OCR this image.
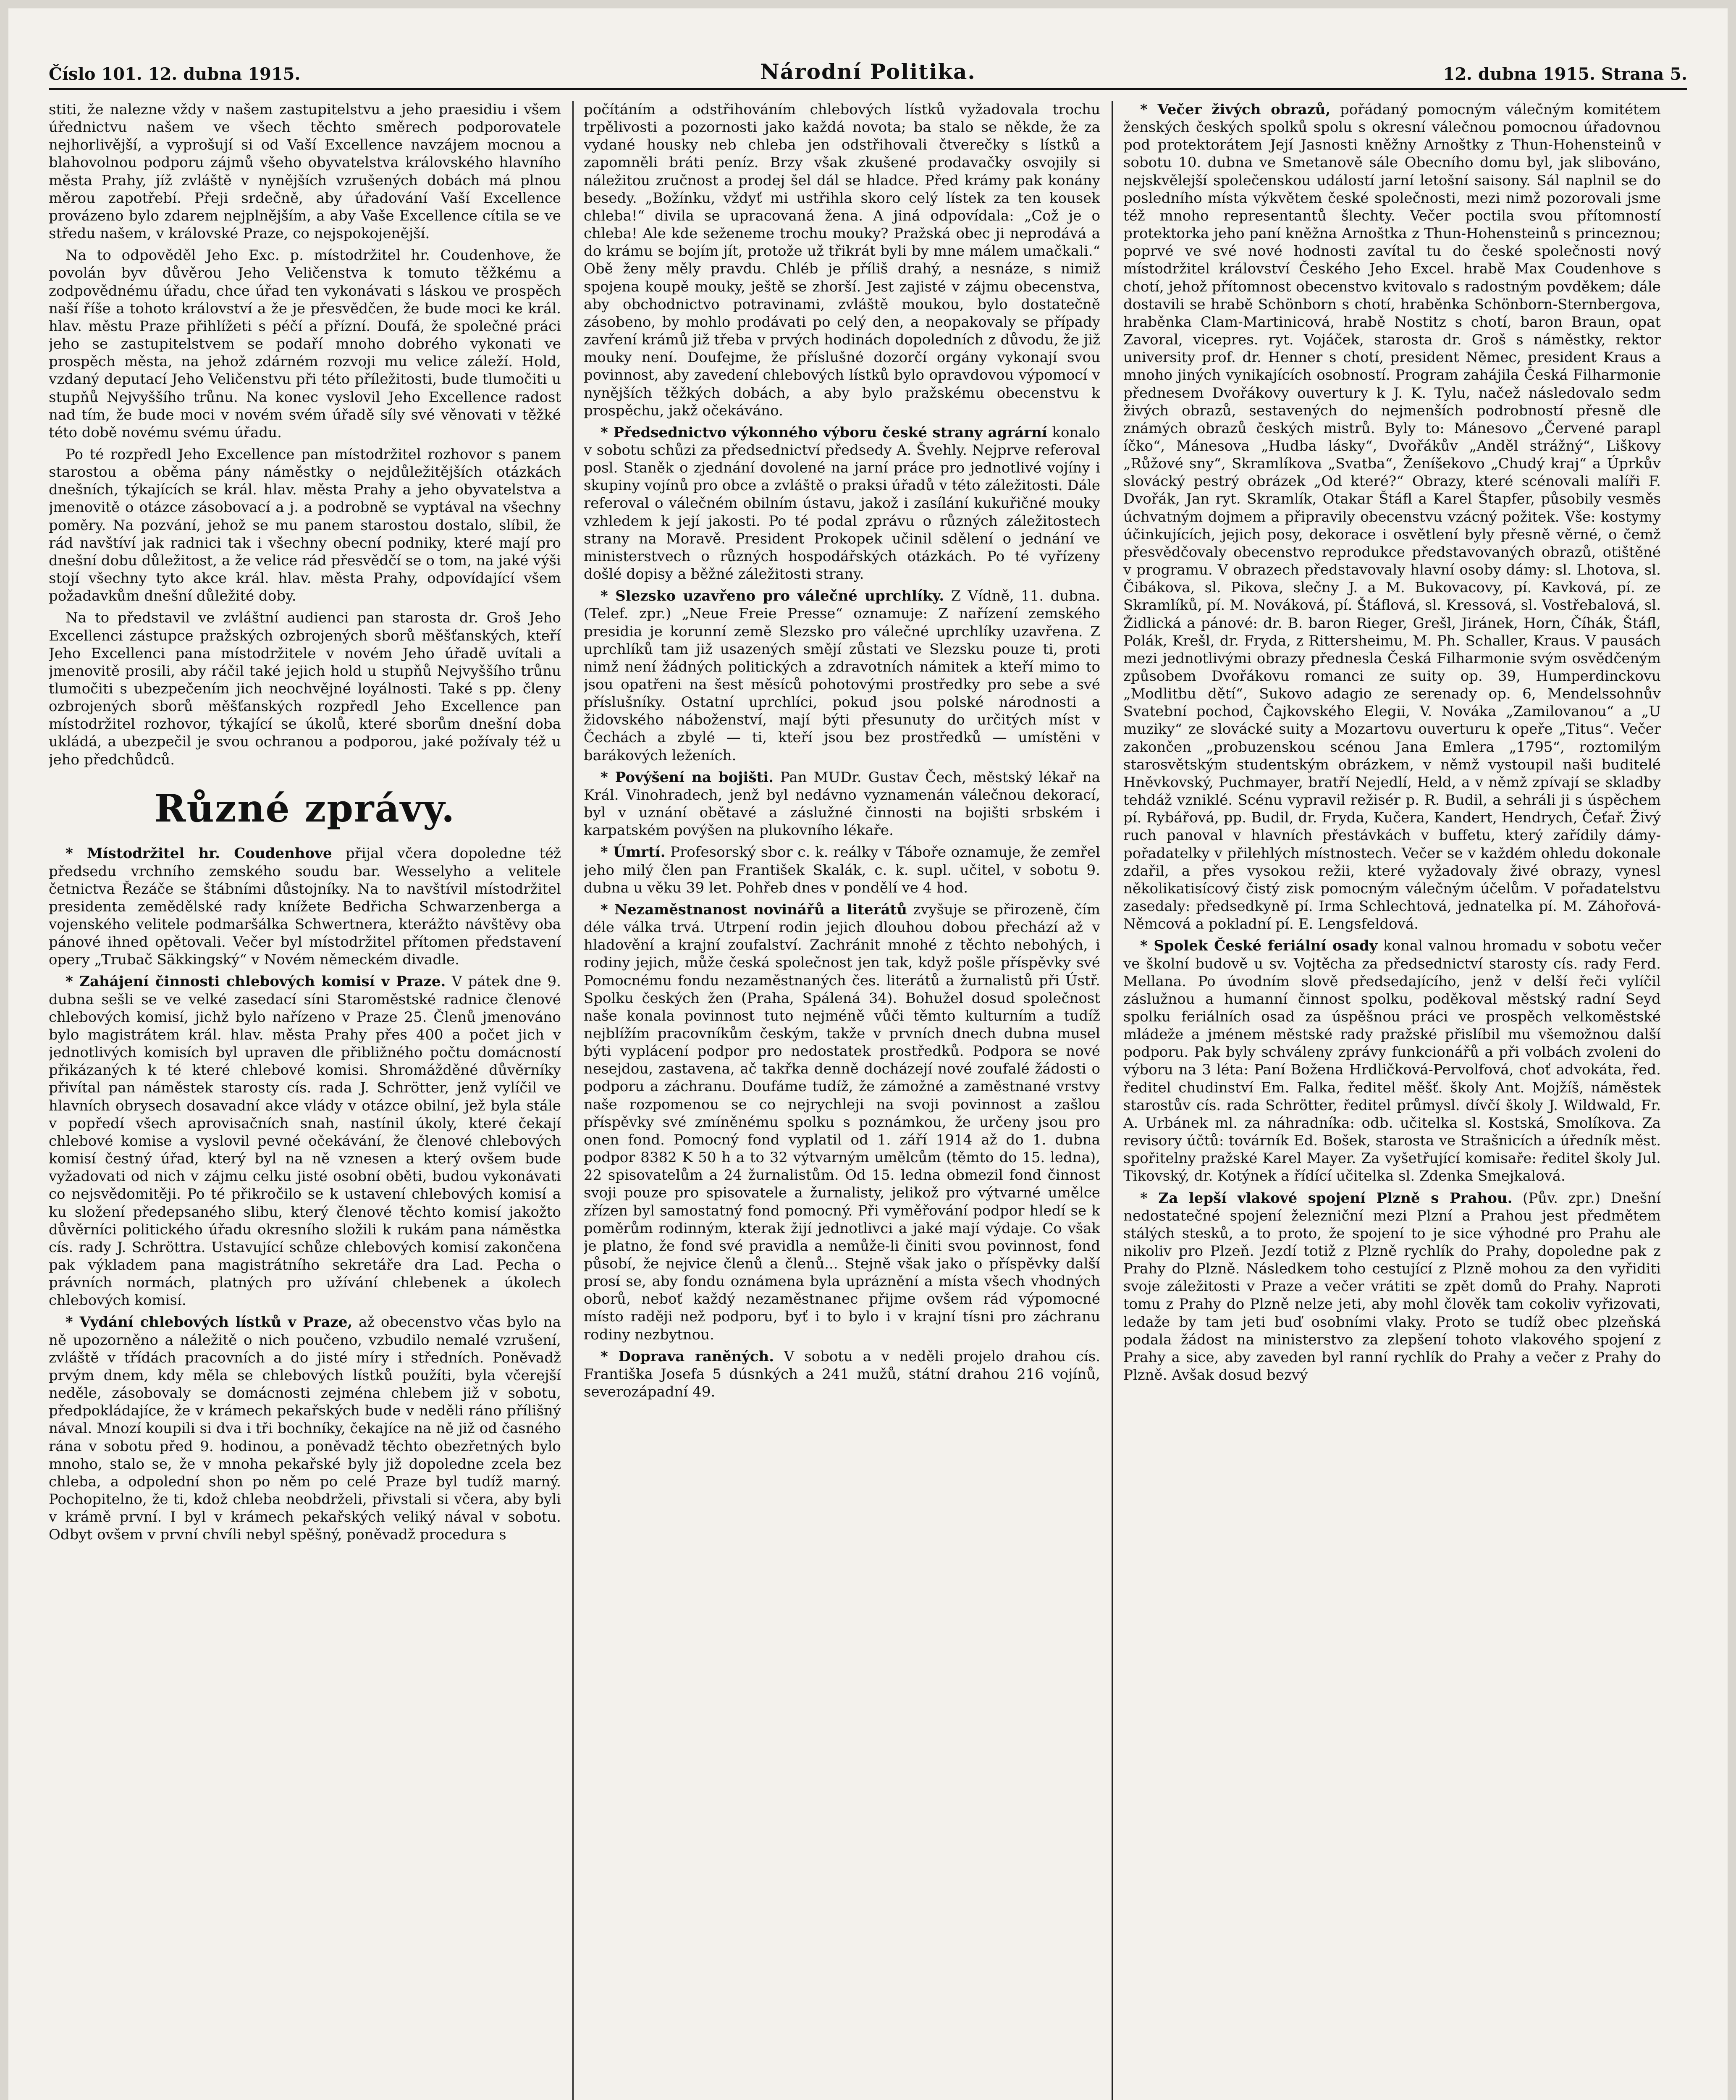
Číslo 101. 12. dubna 1915.	Národní Politika.	12. dubna 1915. Strana 5.

stiti, že nalezne vždy v našem zastupitelstvu a jeho praesidiu i všem úřednictvu našem ve všech těchto směrech podporovatele nejhorlivější, a vyprošují si od Vaší Excellence navzájem mocnou a blahovolnou podporu zájmů všeho obyvatelstva královského hlavního města Prahy, jíž zvláště v nynějších vzrušených dobách má plnou měrou zapotřebí. Přeji srdečně, aby úřadování Vaší Excellence provázeno bylo zdarem nejplnějším, a aby Vaše Excellence cítila se ve středu našem, v královské Praze, co nejspokojenější.

Na to odpověděl Jeho Exc. p. místodržitel hr. Coudenhove, že povolán byv důvěrou Jeho Veličenstva k tomuto těžkému a zodpovědnému úřadu, chce úřad ten vykonávati s láskou ve prospěch naší říše a tohoto království a že je přesvědčen, že bude moci ke král. hlav. městu Praze přihlížeti s péčí a přízní. Doufá, že společné práci jeho se zastupitelstvem se podaří mnoho dobrého vykonati ve prospěch města, na jehož zdárném rozvoji mu velice záleží. Hold, vzdaný deputací Jeho Veličenstvu při této příležitosti, bude tlumočiti u stupňů Nejvyššího trůnu. Na konec vyslovil Jeho Excellence radost nad tím, že bude moci v novém svém úřadě síly své věnovati v těžké této době novému svému úřadu.

Po té rozpředl Jeho Excellence pan místodržitel rozhovor s panem starostou a oběma pány náměstky o nejdůležitějších otázkách dnešních, týkajících se král. hlav. města Prahy a jeho obyvatelstva a jmenovitě o otázce zásobovací a j. a podrobně se vyptával na všechny poměry. Na pozvání, jehož se mu panem starostou dostalo, slíbil, že rád navštíví jak radnici tak i všechny obecní podniky, které mají pro dnešní dobu důležitost, a že velice rád přesvědčí se o tom, na jaké výši stojí všechny tyto akce král. hlav. města Prahy, odpovídající všem požadavkům dnešní důležité doby.

Na to představil ve zvláštní audienci pan starosta dr. Groš Jeho Excellenci zástupce pražských ozbrojených sborů měšťanských, kteří Jeho Excellenci pana místodržitele v novém Jeho úřadě uvítali a jmenovitě prosili, aby ráčil také jejich hold u stupňů Nejvyššího trůnu tlumočiti s ubezpečením jich neochvějné loyálnosti. Také s pp. členy ozbrojených sborů měšťanských rozpředl Jeho Excellence pan místodržitel rozhovor, týkající se úkolů, které sborům dnešní doba ukládá, a ubezpečil je svou ochranou a podporou, jaké požívaly též u jeho předchůdců.

Různé zprávy.

* Místodržitel hr. Coudenhove přijal včera dopoledne též předsedu vrchního zemského soudu bar. Wesselyho a velitele četnictva Řezáče se štábními důstojníky. Na to navštívil místodržitel presidenta zemědělské rady knížete Bedřicha Schwarzenberga a vojenského velitele podmaršálka Schwertnera, kterážto návštěvy oba pánové ihned opětovali. Večer byl místodržitel přítomen představení opery „Trubač Säkkingský“ v Novém německém divadle.

* Zahájení činnosti chlebových komisí v Praze. V pátek dne 9. dubna sešli se ve velké zasedací síni Staroměstské radnice členové chlebových komisí, jichž bylo nařízeno v Praze 25. Členů jmenováno bylo magistrátem král. hlav. města Prahy přes 400 a počet jich v jednotlivých komisích byl upraven dle přibližného počtu domácností přikázaných k té které chlebové komisi. Shromážděné důvěrníky přivítal pan náměstek starosty cís. rada J. Schrötter, jenž vylíčil ve hlavních obrysech dosavadní akce vlády v otázce obilní, jež byla stále v popředí všech aprovisačních snah, nastínil úkoly, které čekají chlebové komise a vyslovil pevné očekávání, že členové chlebových komisí čestný úřad, který byl na ně vznesen a který ovšem bude vyžadovati od nich v zájmu celku jisté osobní oběti, budou vykonávati co nejsvědomitěji. Po té přikročilo se k ustavení chlebových komisí a ku složení předepsaného slibu, který členové těchto komisí jakožto důvěrníci politického úřadu okresního složili k rukám pana náměstka cís. rady J. Schröttra. Ustavující schůze chlebových komisí zakončena pak výkladem pana magistrátního sekretáře dra Lad. Pecha o právních normách, platných pro užívání chlebenek a úkolech chlebových komisí.

* Vydání chlebových lístků v Praze, až obecenstvo včas bylo na ně upozorněno a náležitě o nich poučeno, vzbudilo nemalé vzrušení, zvláště v třídách pracovních a do jisté míry i středních. Poněvadž prvým dnem, kdy měla se chlebových lístků použíti, byla včerejší neděle, zásobovaly se domácnosti zejména chlebem již v sobotu, předpokládajíce, že v krámech pekařských bude v neděli ráno přílišný nával. Mnozí koupili si dva i tři bochníky, čekajíce na ně již od časného rána v sobotu před 9. hodinou, a poněvadž těchto obezřetných bylo mnoho, stalo se, že v mnoha pekařské byly již dopoledne zcela bez chleba, a odpolední shon po něm po celé Praze byl tudíž marný. Pochopitelno, že ti, kdož chleba neobdrželi, přivstali si včera, aby byli v krámě první. I byl v krámech pekařských veliký nával v sobotu. Odbyt ovšem v první chvíli nebyl spěšný, poněvadž procedura s

počítáním a odstřihováním chlebových lístků vyžadovala trochu trpělivosti a pozornosti jako každá novota; ba stalo se někde, že za vydané housky neb chleba jen odstřihovali čtverečky s lístků a zapomněli bráti peníz. Brzy však zkušené prodavačky osvojily si náležitou zručnost a prodej šel dál se hladce. Před krámy pak konány besedy. „Božínku, vždyť mi ustřihla skoro celý lístek za ten kousek chleba!“ divila se upracovaná žena. A jiná odpovídala: „Což je o chleba! Ale kde seženeme trochu mouky? Pražská obec ji neprodává a do krámu se bojím jít, protože už třikrát byli by mne málem umačkali.“ Obě ženy měly pravdu. Chléb je příliš drahý, a nesnáze, s nimiž spojena koupě mouky, ještě se zhorší. Jest zajisté v zájmu obecenstva, aby obchodnictvo potravinami, zvláště moukou, bylo dostatečně zásobeno, by mohlo prodávati po celý den, a neopakovaly se případy zavření krámů již třeba v prvých hodinách dopoledních z důvodu, že již mouky není. Doufejme, že příslušné dozorčí orgány vykonají svou povinnost, aby zavedení chlebových lístků bylo opravdovou výpomocí v nynějších těžkých dobách, a aby bylo pražskému obecenstvu k prospěchu, jakž očekáváno.

* Předsednictvo výkonného výboru české strany agrární konalo v sobotu schůzi za předsednictví předsedy A. Švehly. Nejprve referoval posl. Staněk o zjednání dovolené na jarní práce pro jednotlivé vojíny i skupiny vojínů pro obce a zvláště o praksi úřadů v této záležitosti. Dále referoval o válečném obilním ústavu, jakož i zasílání kukuřičné mouky vzhledem k její jakosti. Po té podal zprávu o různých záležitostech strany na Moravě. President Prokopek učinil sdělení o jednání ve ministerstvech o různých hospodářských otázkách. Po té vyřízeny došlé dopisy a běžné záležitosti strany.

* Slezsko uzavřeno pro válečné uprchlíky. Z Vídně, 11. dubna. (Telef. zpr.) „Neue Freie Presse“ oznamuje: Z nařízení zemského presidia je korunní země Slezsko pro válečné uprchlíky uzavřena. Z uprchlíků tam již usazených smějí zůstati ve Slezsku pouze ti, proti nimž není žádných politických a zdravotních námitek a kteří mimo to jsou opatřeni na šest měsíců pohotovými prostředky pro sebe a své příslušníky. Ostatní uprchlíci, pokud jsou polské národnosti a židovského náboženství, mají býti přesunuty do určitých míst v Čechách a zbylé — ti, kteří jsou bez prostředků — umístěni v barákových leženích.

* Povýšení na bojišti. Pan MUDr. Gustav Čech, městský lékař na Král. Vinohradech, jenž byl nedávno vyznamenán válečnou dekorací, byl v uznání obětavé a záslužné činnosti na bojišti srbském i karpatském povýšen na plukovního lékaře.

* Úmrtí. Profesorský sbor c. k. reálky v Táboře oznamuje, že zemřel jeho milý člen pan František Skalák, c. k. supl. učitel, v sobotu 9. dubna u věku 39 let. Pohřeb dnes v pondělí ve 4 hod.

* Nezaměstnanost novinářů a literátů zvyšuje se přirozeně, čím déle válka trvá. Utrpení rodin jejich dlouhou dobou přechází až v hladovění a krajní zoufalství. Zachránit mnohé z těchto nebohých, i rodiny jejich, může česká společnost jen tak, když pošle příspěvky své Pomocnému fondu nezaměstnaných čes. literátů a žurnalistů při Ústř. Spolku českých žen (Praha, Spálená 34). Bohužel dosud společnost naše konala povinnost tuto nejméně vůči těmto kulturním a tudíž nejblížím pracovníkům českým, takže v prvních dnech dubna musel býti vyplácení podpor pro nedostatek prostředků. Podpora se nové nesejdou, zastavena, ač takřka denně docházejí nové zoufalé žádosti o podporu a záchranu. Doufáme tudíž, že zámožné a zaměstnané vrstvy naše rozpomenou se co nejrychleji na svoji povinnost a zašlou příspěvky své zmíněnému spolku s poznámkou, že určeny jsou pro onen fond. Pomocný fond vyplatil od 1. září 1914 až do 1. dubna podpor 8382 K 50 h a to 32 výtvarným umělcům (těmto do 15. ledna), 22 spisovatelům a 24 žurnalistům. Od 15. ledna obmezil fond činnost svoji pouze pro spisovatele a žurnalisty, jelikož pro výtvarné umělce zřízen byl samostatný fond pomocný. Při vyměřování podpor hledí se k poměrům rodinným, kterak žijí jednotlivci a jaké mají výdaje. Co však je platno, že fond své pravidla a nemůže-li činiti svou povinnost, fond působí, že nejvice členů a členů... Stejně však jako o příspěvky další prosí se, aby fondu oznámena byla upráznění a místa všech vhodných oborů, neboť každý nezaměstnanec přijme ovšem rád výpomocné místo raději než podporu, byť i to bylo i v krajní tísni pro záchranu rodiny nezbytnou.

* Doprava raněných. V sobotu a v neděli projelo drahou cís. Františka Josefa 5 dúsnkých a 241 mužů, státní drahou 216 vojínů, severozápadní 49.

* Večer živých obrazů, pořádaný pomocným válečným komitétem ženských českých spolků spolu s okresní válečnou pomocnou úřadovnou pod protektorátem Její Jasnosti kněžny Arnoštky z Thun-Hohensteinů v sobotu 10. dubna ve Smetanově sále Obecního domu byl, jak slibováno, nejskvělejší společenskou událostí jarní letošní saisony. Sál naplnil se do posledního místa výkvětem české společnosti, mezi nimž pozorovali jsme též mnoho representantů šlechty. Večer poctila svou přítomností protektorka jeho paní kněžna Arnoštka z Thun-Hohensteinů s princeznou; poprvé ve své nové hodnosti zavítal tu do české společnosti nový místodržitel království Českého Jeho Excel. hrabě Max Coudenhove s chotí, jehož přítomnost obecenstvo kvitovalo s radostným povděkem; dále dostavili se hrabě Schönborn s chotí, hraběnka Schönborn-Sternbergova, hraběnka Clam-Martinicová, hrabě Nostitz s chotí, baron Braun, opat Zavoral, vicepres. ryt. Vojáček, starosta dr. Groš s náměstky, rektor university prof. dr. Henner s chotí, president Němec, president Kraus a mnoho jiných vynikajících osobností. Program zahájila Česká Filharmonie přednesem Dvořákovy ouvertury k J. K. Tylu, načež následovalo sedm živých obrazů, sestavených do nejmenších podrobností přesně dle známých obrazů českých mistrů. Byly to: Mánesovo „Červené parapl íčko“, Mánesova „Hudba lásky“, Dvořákův „Anděl strážný“, Liškovy „Růžové sny“, Skramlíkova „Svatba“, Ženíšekovo „Chudý kraj“ a Úprkův slovácký pestrý obrázek „Od které?“ Obrazy, které scénovali malíři F. Dvořák, Jan ryt. Skramlík, Otakar Štáfl a Karel Štapfer, působily vesměs úchvatným dojmem a připravily obecenstvu vzácný požitek. Vše: kostymy účinkujících, jejich posy, dekorace i osvětlení byly přesně věrné, o čemž přesvědčovaly obecenstvo reprodukce představovaných obrazů, otištěné v programu. V obrazech představovaly hlavní osoby dámy: sl. Lhotova, sl. Čibákova, sl. Pikova, slečny J. a M. Bukovacovy, pí. Kavková, pí. ze Skramlíků, pí. M. Nováková, pí. Štáflová, sl. Kressová, sl. Vostřebalová, sl. Židlická a pánové: dr. B. baron Rieger, Grešl, Jiránek, Horn, Číhák, Štáfl, Polák, Krešl, dr. Fryda, z Rittersheimu, M. Ph. Schaller, Kraus. V pausách mezi jednotlivými obrazy přednesla Česká Filharmonie svým osvědčeným způsobem Dvořákovu romanci ze suity op. 39, Humperdinckovu „Modlitbu dětí“, Sukovo adagio ze serenady op. 6, Mendelssohnův Svatební pochod, Čajkovského Elegii, V. Nováka „Zamilovanou“ a „U muziky“ ze slovácké suity a Mozartovu ouverturu k opeře „Titus“. Večer zakončen „probuzenskou scénou Jana Emlera „1795“, roztomilým starosvětským studentským obrázkem, v němž vystoupil naši buditelé Hněvkovský, Puchmayer, bratří Nejedlí, Held, a v němž zpívají se skladby tehdáž vzniklé. Scénu vypravil režisér p. R. Budil, a sehráli ji s úspěchem pí. Rybářová, pp. Budil, dr. Fryda, Kučera, Kandert, Hendrych, Čeťař. Živý ruch panoval v hlavních přestávkách v buffetu, který zařídily dámy-pořadatelky v přilehlých místnostech. Večer se v každém ohledu dokonale zdařil, a přes vysokou režii, které vyžadovaly živé obrazy, vynesl několikatisícový čistý zisk pomocným válečným účelům. V pořadatelstvu zasedaly: předsedkyně pí. Irma Schlechtová, jednatelka pí. M. Záhořová-Němcová a pokladní pí. E. Lengsfeldová.

* Spolek České feriální osady konal valnou hromadu v sobotu večer ve školní budově u sv. Vojtěcha za předsednictví starosty cís. rady Ferd. Mellana. Po úvodním slově předsedajícího, jenž v delší řeči vylíčil záslužnou a humanní činnost spolku, poděkoval městský radní Seyd spolku feriálních osad za úspěšnou práci ve prospěch velkoměstské mládeže a jménem městské rady pražské přislíbil mu všemožnou další podporu. Pak byly schváleny zprávy funkcionářů a při volbách zvoleni do výboru na 3 léta: Paní Božena Hrdličková-Pervolfová, choť advokáta, řed. ředitel chudinství Em. Falka, ředitel měšť. školy Ant. Mojžíš, náměstek starostův cís. rada Schrötter, ředitel průmysl. dívčí školy J. Wildwald, Fr. A. Urbánek ml. za náhradníka: odb. učitelka sl. Kostská, Smolíkova. Za revisory účtů: továrník Ed. Bošek, starosta ve Strašnicích a úředník měst. spořitelny pražské Karel Mayer. Za vyšetřující komisaře: ředitel školy Jul. Tikovský, dr. Kotýnek a řídící učitelka sl. Zdenka Smejkalová.

* Za lepší vlakové spojení Plzně s Prahou. (Pův. zpr.) Dnešní nedostatečné spojení železniční mezi Plzní a Prahou jest předmětem stálých stesků, a to proto, že spojení to je sice výhodné pro Prahu ale nikoliv pro Plzeň. Jezdí totiž z Plzně rychlík do Prahy, dopoledne pak z Prahy do Plzně. Následkem toho cestující z Plzně mohou za den vyřiditi svoje záležitosti v Praze a večer vrátiti se zpět domů do Prahy. Naproti tomu z Prahy do Plzně nelze jeti, aby mohl člověk tam cokoliv vyřizovati, ledaže by tam jeti buď osobními vlaky. Proto se tudíž obec plzeňská podala žádost na ministerstvo za zlepšení tohoto vlakového spojení z Prahy a sice, aby zaveden byl ranní rychlík do Prahy a večer z Prahy do Plzně. Avšak dosud bezvý
